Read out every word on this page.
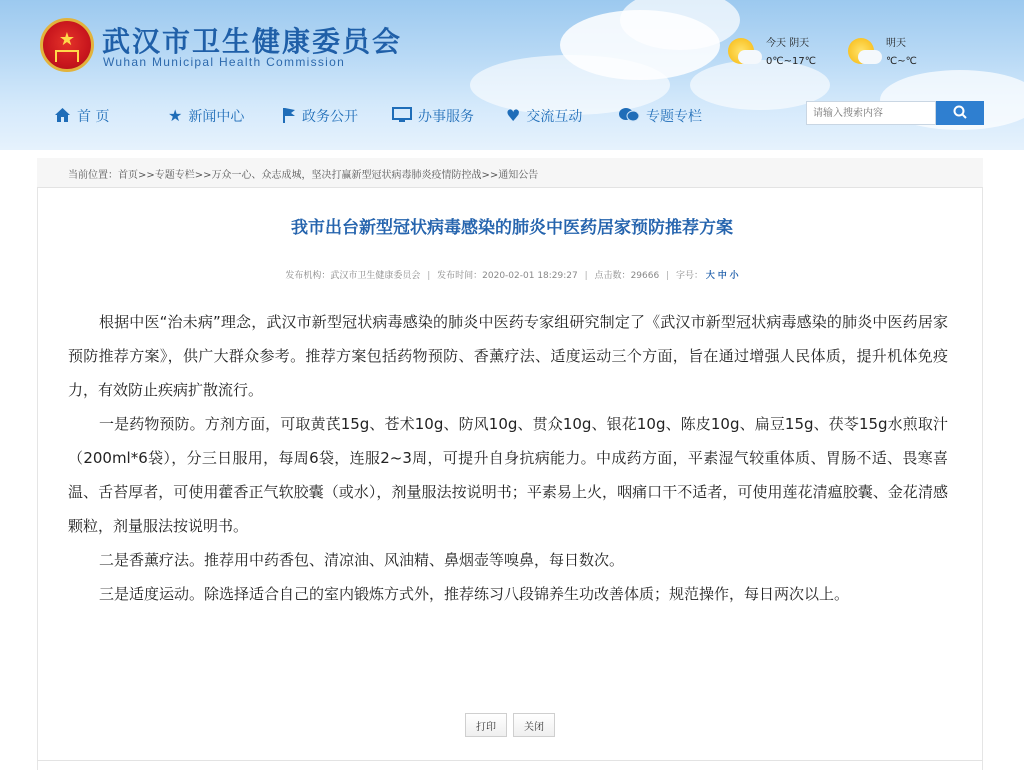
★ 武汉市卫生健康委员会
Wuhan Municipal Health Commission
今天 阴天
0℃~17℃
明天
℃~℃
首 页	★ 新闻中心	政务公开	办事服务 ♥ 交流互动	专题专栏
请输入搜索内容
当前位置：首页>>专题专栏>>万众一心、众志成城，坚决打赢新型冠状病毒肺炎疫情防控战>>通知公告
我市出台新型冠状病毒感染的肺炎中医药居家预防推荐方案
发布机构：武汉市卫生健康委员会 | 发布时间：2020-02-01 18:29:27 | 点击数：29666 | 字号： 大 中 小

根据中医“治未病”理念，武汉市新型冠状病毒感染的肺炎中医药专家组研究制定了《武汉市新型冠状病毒感染的肺炎中医药居家预防推荐方案》，供广大群众参考。推荐方案包括药物预防、香薰疗法、适度运动三个方面，旨在通过增强人民体质，提升机体免疫力，有效防止疾病扩散流行。

一是药物预防。方剂方面，可取黄芪15g、苍术10g、防风10g、贯众10g、银花10g、陈皮10g、扁豆15g、茯苓15g水煎取汁（200ml*6袋），分三日服用，每周6袋，连服2~3周，可提升自身抗病能力。中成药方面，平素湿气较重体质、胃肠不适、畏寒喜温、舌苔厚者，可使用藿香正气软胶囊（或水），剂量服法按说明书；平素易上火，咽痛口干不适者，可使用莲花清瘟胶囊、金花清感颗粒，剂量服法按说明书。

二是香薰疗法。推荐用中药香包、清凉油、风油精、鼻烟壶等嗅鼻，每日数次。

三是适度运动。除选择适合自己的室内锻炼方式外，推荐练习八段锦养生功改善体质；规范操作，每日两次以上。

打印	关闭
